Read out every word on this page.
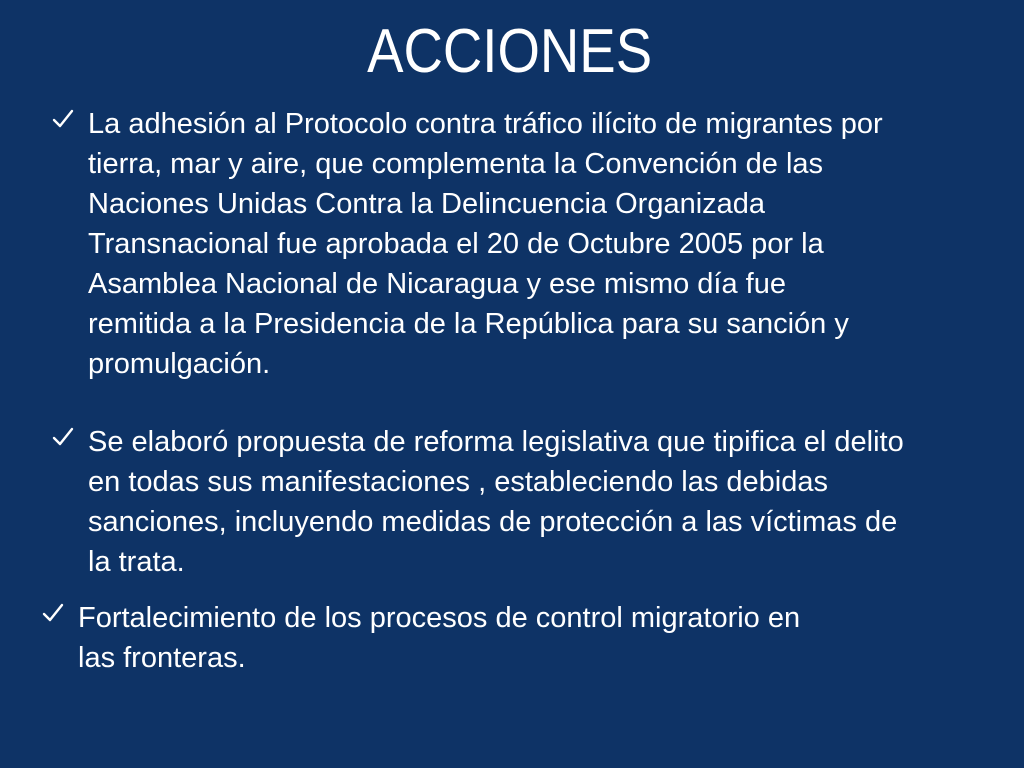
ACCIONES
La adhesión al Protocolo contra tráfico ilícito de migrantes por
tierra, mar y aire, que complementa la Convención de las
Naciones Unidas Contra la Delincuencia Organizada
Transnacional fue aprobada el 20 de Octubre 2005 por la
Asamblea Nacional de Nicaragua y ese mismo día fue
remitida a la Presidencia de la República para su sanción y
promulgación.
Se elaboró propuesta de reforma legislativa que tipifica el delito
en todas sus manifestaciones , estableciendo las debidas
sanciones, incluyendo medidas de protección a las víctimas de
la trata.
Fortalecimiento de los procesos de control migratorio en
las fronteras.
